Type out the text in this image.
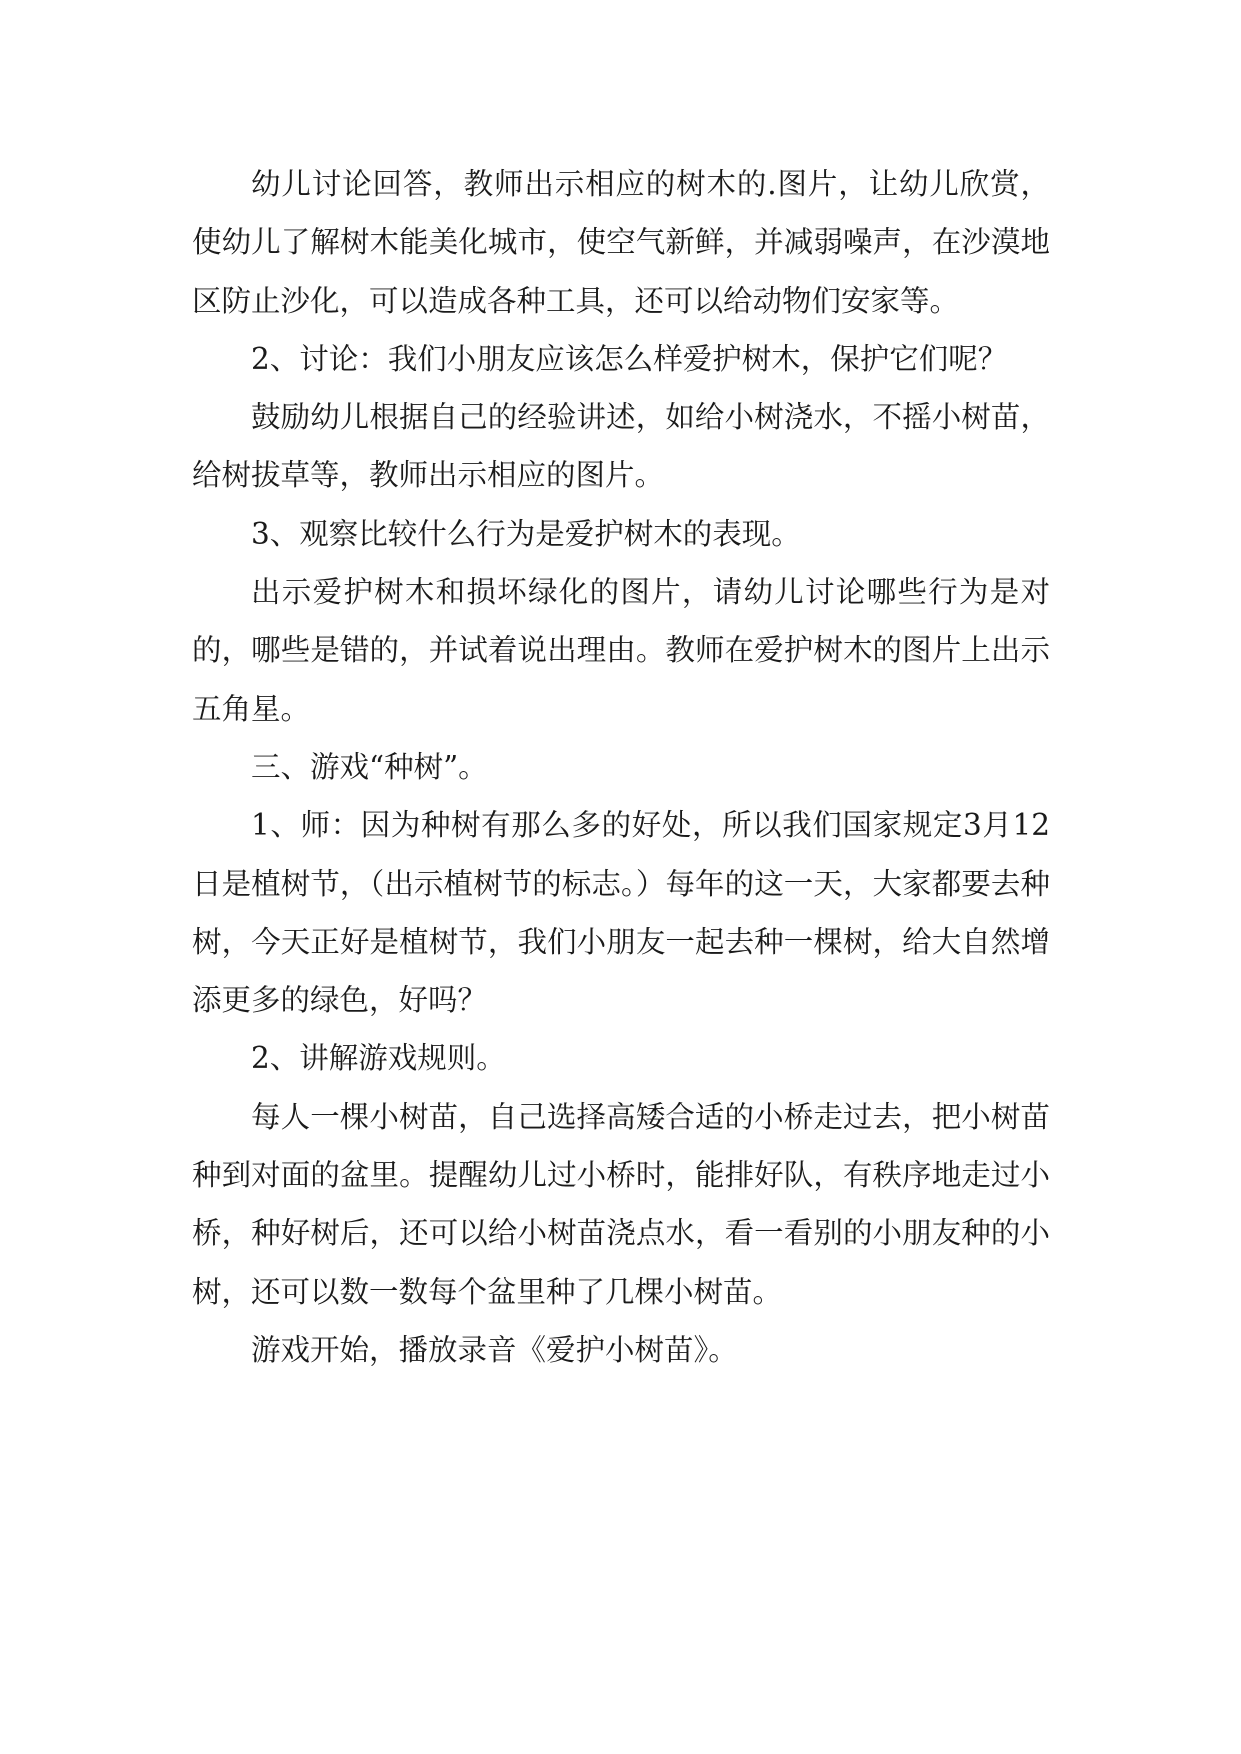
幼儿讨论回答，教师出示相应的树木的.图片，让幼儿欣赏，使幼儿了解树木能美化城市，使空气新鲜，并减弱噪声，在沙漠地区防止沙化，可以造成各种工具，还可以给动物们安家等。

2、讨论：我们小朋友应该怎么样爱护树木，保护它们呢？

鼓励幼儿根据自己的经验讲述，如给小树浇水，不摇小树苗，给树拔草等，教师出示相应的图片。

3、观察比较什么行为是爱护树木的表现。

出示爱护树木和损坏绿化的图片，请幼儿讨论哪些行为是对的，哪些是错的，并试着说出理由。教师在爱护树木的图片上出示五角星。

三、游戏“种树”。

1、师：因为种树有那么多的好处，所以我们国家规定3月12日是植树节，（出示植树节的标志。）每年的这一天，大家都要去种树，今天正好是植树节，我们小朋友一起去种一棵树，给大自然增添更多的绿色，好吗？

2、讲解游戏规则。

每人一棵小树苗，自己选择高矮合适的小桥走过去，把小树苗种到对面的盆里。提醒幼儿过小桥时，能排好队，有秩序地走过小桥，种好树后，还可以给小树苗浇点水，看一看别的小朋友种的小树，还可以数一数每个盆里种了几棵小树苗。

游戏开始，播放录音《爱护小树苗》。
